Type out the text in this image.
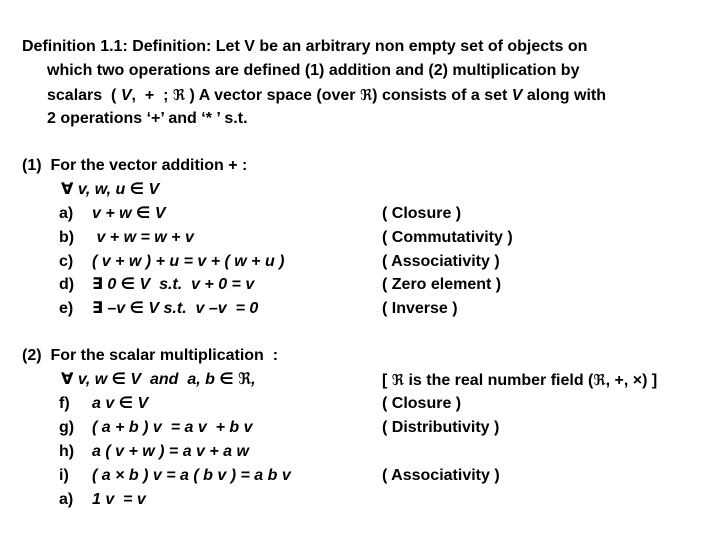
Definition 1.1: Definition: Let V be an arbitrary non empty set of objects on
which two operations are defined (1) addition and (2) multiplication by
scalars  ( V,  +  ; ℜ ) A vector space (over ℜ) consists of a set V along with
2 operations ‘+’ and ‘* ’ s.t.
(1)  For the vector addition + :
∀ v, w, u ∈ V
a) v + w ∈ V	( Closure )
b) v + w = w + v	( Commutativity )
c) ( v + w ) + u = v + ( w + u )	( Associativity )
d) ∃ 0 ∈ V  s.t.  v + 0 = v	( Zero element )
e) ∃ –v ∈ V s.t.  v –v  = 0	( Inverse )
(2)  For the scalar multiplication  :
∀ v, w ∈ V  and  a, b ∈ ℜ,	[ ℜ is the real number field (ℜ, +, ×) ]
f) a v ∈ V	( Closure )
g) ( a + b ) v  = a v  + b v	( Distributivity )
h) a ( v + w ) = a v + a w
i) ( a × b ) v = a ( b v ) = a b v	( Associativity )
a) 1 v  = v
